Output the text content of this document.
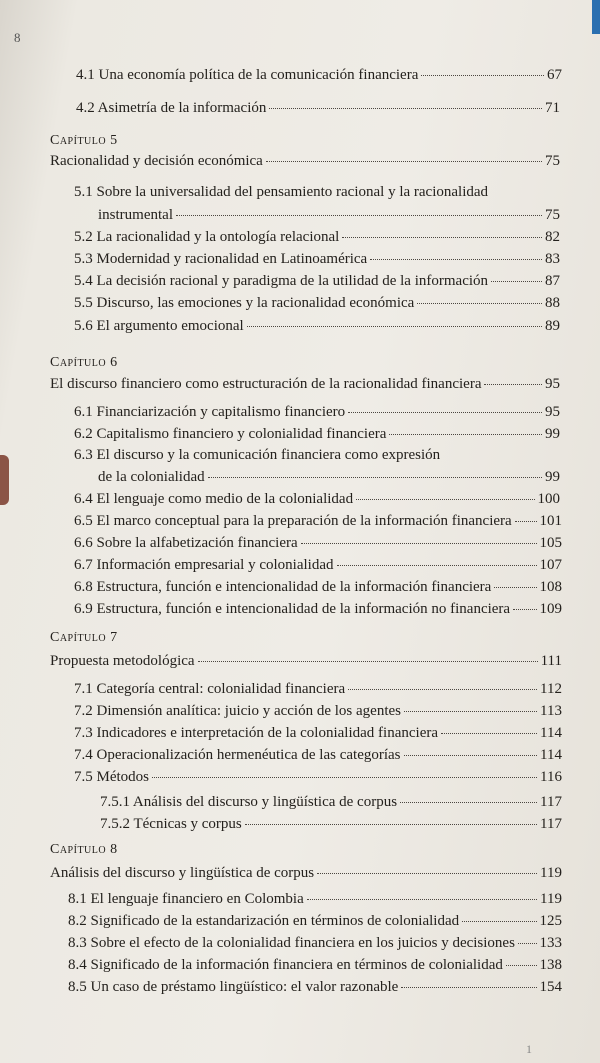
8
4.1 Una economía política de la comunicación financiera	67
4.2 Asimetría de la información	71
Capítulo 5
Racionalidad y decisión económica	75
5.1 Sobre la universalidad del pensamiento racional y la racionalidad
instrumental	75
5.2 La racionalidad y la ontología relacional	82
5.3 Modernidad y racionalidad en Latinoamérica	83
5.4 La decisión racional y paradigma de la utilidad de la información	87
5.5 Discurso, las emociones y la racionalidad económica	88
5.6 El argumento emocional	89
Capítulo 6
El discurso financiero como estructuración de la racionalidad financiera	95
6.1 Financiarización y capitalismo financiero	95
6.2 Capitalismo financiero y colonialidad financiera	99
6.3 El discurso y la comunicación financiera como expresión
de la colonialidad	99
6.4 El lenguaje como medio de la colonialidad	100
6.5 El marco conceptual para la preparación de la información financiera 101
6.6 Sobre la alfabetización financiera	105
6.7 Información empresarial y colonialidad	107
6.8 Estructura, función e intencionalidad de la información financiera	108
6.9 Estructura, función e intencionalidad de la información no financiera 109
Capítulo 7
Propuesta metodológica	111
7.1 Categoría central: colonialidad financiera	112
7.2 Dimensión analítica: juicio y acción de los agentes	113
7.3 Indicadores e interpretación de la colonialidad financiera	114
7.4 Operacionalización hermenéutica de las categorías	114
7.5 Métodos	116
7.5.1 Análisis del discurso y lingüística de corpus	117
7.5.2 Técnicas y corpus	117
Capítulo 8
Análisis del discurso y lingüística de corpus	119
8.1 El lenguaje financiero en Colombia	119
8.2 Significado de la estandarización en términos de colonialidad	125
8.3 Sobre el efecto de la colonialidad financiera en los juicios y decisiones 133
8.4 Significado de la información financiera en términos de colonialidad 138
8.5 Un caso de préstamo lingüístico: el valor razonable	154
1
